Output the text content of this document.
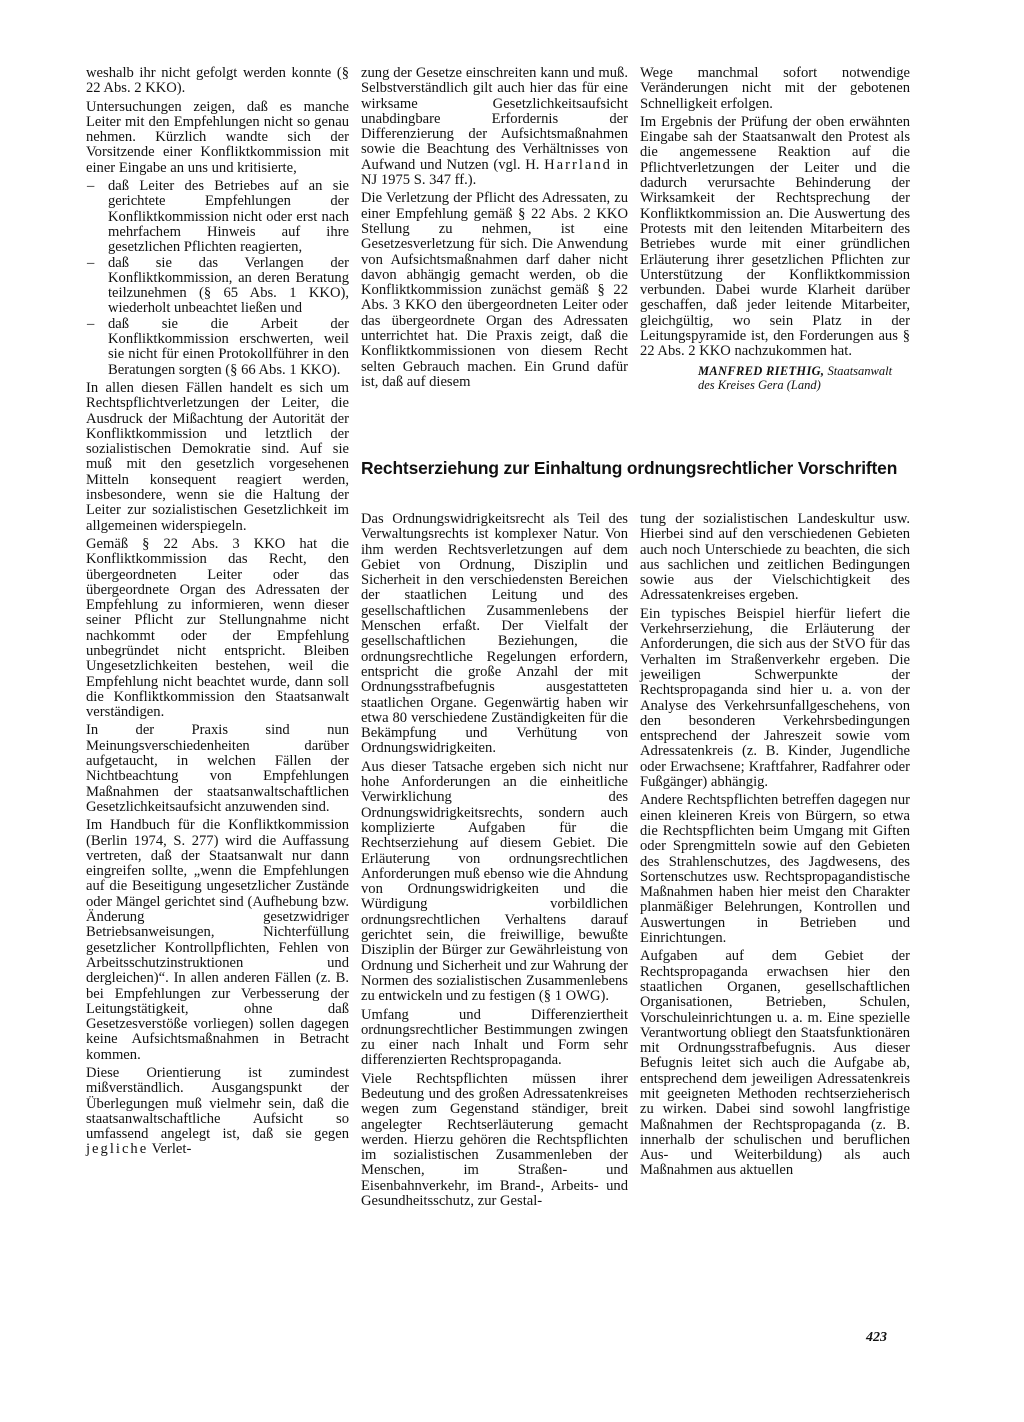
weshalb ihr nicht gefolgt werden konnte (§ 22 Abs. 2 KKO).

Untersuchungen zeigen, daß es manche Leiter mit den Empfehlungen nicht so genau nehmen. Kürzlich wandte sich der Vorsitzende einer Konfliktkommission mit einer Eingabe an uns und kritisierte,

– daß Leiter des Betriebes auf an sie gerichtete Empfehlungen der Konfliktkommission nicht oder erst nach mehrfachem Hinweis auf ihre gesetzlichen Pflichten reagierten,
– daß sie das Verlangen der Konfliktkommission, an deren Beratung teilzunehmen (§ 65 Abs. 1 KKO), wiederholt unbeachtet ließen und
– daß sie die Arbeit der Konfliktkommission erschwerten, weil sie nicht für einen Protokollführer in den Beratungen sorgten (§ 66 Abs. 1 KKO).

In allen diesen Fällen handelt es sich um Rechtspflichtverletzungen der Leiter, die Ausdruck der Mißachtung der Autorität der Konfliktkommission und letztlich der sozialistischen Demokratie sind. Auf sie muß mit den gesetzlich vorgesehenen Mitteln konsequent reagiert werden, insbesondere, wenn sie die Haltung der Leiter zur sozialistischen Gesetzlichkeit im allgemeinen widerspiegeln.

Gemäß § 22 Abs. 3 KKO hat die Konfliktkommission das Recht, den übergeordneten Leiter oder das übergeordnete Organ des Adressaten der Empfehlung zu informieren, wenn dieser seiner Pflicht zur Stellungnahme nicht nachkommt oder der Empfehlung unbegründet nicht entspricht. Bleiben Ungesetzlichkeiten bestehen, weil die Empfehlung nicht beachtet wurde, dann soll die Konfliktkommission den Staatsanwalt verständigen.

In der Praxis sind nun Meinungsverschiedenheiten darüber aufgetaucht, in welchen Fällen der Nichtbeachtung von Empfehlungen Maßnahmen der staatsanwaltschaftlichen Gesetzlichkeitsaufsicht anzuwenden sind.

Im Handbuch für die Konfliktkommission (Berlin 1974, S. 277) wird die Auffassung vertreten, daß der Staatsanwalt nur dann eingreifen sollte, „wenn die Empfehlungen auf die Beseitigung ungesetzlicher Zustände oder Mängel gerichtet sind (Aufhebung bzw. Änderung gesetzwidriger Betriebsanweisungen, Nichterfüllung gesetzlicher Kontrollpflichten, Fehlen von Arbeitsschutzinstruktionen und dergleichen)“. In allen anderen Fällen (z. B. bei Empfehlungen zur Verbesserung der Leitungstätigkeit, ohne daß Gesetzesverstöße vorliegen) sollen dagegen keine Aufsichtsmaßnahmen in Betracht kommen.

Diese Orientierung ist zumindest mißverständlich. Ausgangspunkt der Überlegungen muß vielmehr sein, daß die staatsanwaltschaftliche Aufsicht so umfassend angelegt ist, daß sie gegen jegliche Verlet-

zung der Gesetze einschreiten kann und muß. Selbstverständlich gilt auch hier das für eine wirksame Gesetzlichkeitsaufsicht unabdingbare Erfordernis der Differenzierung der Aufsichtsmaßnahmen sowie die Beachtung des Verhältnisses von Aufwand und Nutzen (vgl. H. Harrland in NJ 1975 S. 347 ff.).

Die Verletzung der Pflicht des Adressaten, zu einer Empfehlung gemäß § 22 Abs. 2 KKO Stellung zu nehmen, ist eine Gesetzesverletzung für sich. Die Anwendung von Aufsichtsmaßnahmen darf daher nicht davon abhängig gemacht werden, ob die Konfliktkommission zunächst gemäß § 22 Abs. 3 KKO den übergeordneten Leiter oder das übergeordnete Organ des Adressaten unterrichtet hat. Die Praxis zeigt, daß die Konfliktkommissionen von diesem Recht selten Gebrauch machen. Ein Grund dafür ist, daß auf diesem

Wege manchmal sofort notwendige Veränderungen nicht mit der gebotenen Schnelligkeit erfolgen.

Im Ergebnis der Prüfung der oben erwähnten Eingabe sah der Staatsanwalt den Protest als die angemessene Reaktion auf die Pflichtverletzungen der Leiter und die dadurch verursachte Behinderung der Wirksamkeit der Rechtsprechung der Konfliktkommission an. Die Auswertung des Protests mit den leitenden Mitarbeitern des Betriebes wurde mit einer gründlichen Erläuterung ihrer gesetzlichen Pflichten zur Unterstützung der Konfliktkommission verbunden. Dabei wurde Klarheit darüber geschaffen, daß jeder leitende Mitarbeiter, gleichgültig, wo sein Platz in der Leitungspyramide ist, den Forderungen aus § 22 Abs. 2 KKO nachzukommen hat.

MANFRED RIETHIG, Staatsanwalt
des Kreises Gera (Land)
Rechtserziehung zur Einhaltung ordnungsrechtlicher Vorschriften

Das Ordnungswidrigkeitsrecht als Teil des Verwaltungsrechts ist komplexer Natur. Von ihm werden Rechtsverletzungen auf dem Gebiet von Ordnung, Disziplin und Sicherheit in den verschiedensten Bereichen der staatlichen Leitung und des gesellschaftlichen Zusammenlebens der Menschen erfaßt. Der Vielfalt der gesellschaftlichen Beziehungen, die ordnungsrechtliche Regelungen erfordern, entspricht die große Anzahl der mit Ordnungsstrafbefugnis ausgestatteten staatlichen Organe. Gegenwärtig haben wir etwa 80 verschiedene Zuständigkeiten für die Bekämpfung und Verhütung von Ordnungswidrigkeiten.

Aus dieser Tatsache ergeben sich nicht nur hohe Anforderungen an die einheitliche Verwirklichung des Ordnungswidrigkeitsrechts, sondern auch komplizierte Aufgaben für die Rechtserziehung auf diesem Gebiet. Die Erläuterung von ordnungsrechtlichen Anforderungen muß ebenso wie die Ahndung von Ordnungswidrigkeiten und die Würdigung vorbildlichen ordnungsrechtlichen Verhaltens darauf gerichtet sein, die freiwillige, bewußte Disziplin der Bürger zur Gewährleistung von Ordnung und Sicherheit und zur Wahrung der Normen des sozialistischen Zusammenlebens zu entwickeln und zu festigen (§ 1 OWG).

Umfang und Differenziertheit ordnungsrechtlicher Bestimmungen zwingen zu einer nach Inhalt und Form sehr differenzierten Rechtspropaganda.

Viele Rechtspflichten müssen ihrer Bedeutung und des großen Adressatenkreises wegen zum Gegenstand ständiger, breit angelegter Rechtserläuterung gemacht werden. Hierzu gehören die Rechtspflichten im sozialistischen Zusammenleben der Menschen, im Straßen- und Eisenbahnverkehr, im Brand-, Arbeits- und Gesundheitsschutz, zur Gestal-

tung der sozialistischen Landeskultur usw. Hierbei sind auf den verschiedenen Gebieten auch noch Unterschiede zu beachten, die sich aus sachlichen und zeitlichen Bedingungen sowie aus der Vielschichtigkeit des Adressatenkreises ergeben.

Ein typisches Beispiel hierfür liefert die Verkehrserziehung, die Erläuterung der Anforderungen, die sich aus der StVO für das Verhalten im Straßenverkehr ergeben. Die jeweiligen Schwerpunkte der Rechtspropaganda sind hier u. a. von der Analyse des Verkehrsunfallgeschehens, von den besonderen Verkehrsbedingungen entsprechend der Jahreszeit sowie vom Adressatenkreis (z. B. Kinder, Jugendliche oder Erwachsene; Kraftfahrer, Radfahrer oder Fußgänger) abhängig.

Andere Rechtspflichten betreffen dagegen nur einen kleineren Kreis von Bürgern, so etwa die Rechtspflichten beim Umgang mit Giften oder Sprengmitteln sowie auf den Gebieten des Strahlenschutzes, des Jagdwesens, des Sortenschutzes usw. Rechtspropagandistische Maßnahmen haben hier meist den Charakter planmäßiger Belehrungen, Kontrollen und Auswertungen in Betrieben und Einrichtungen.

Aufgaben auf dem Gebiet der Rechtspropaganda erwachsen hier den staatlichen Organen, gesellschaftlichen Organisationen, Betrieben, Schulen, Vorschuleinrichtungen u. a. m. Eine spezielle Verantwortung obliegt den Staatsfunktionären mit Ordnungsstrafbefugnis. Aus dieser Befugnis leitet sich auch die Aufgabe ab, entsprechend dem jeweiligen Adressatenkreis mit geeigneten Methoden rechtserzieherisch zu wirken. Dabei sind sowohl langfristige Maßnahmen der Rechtspropaganda (z. B. innerhalb der schulischen und beruflichen Aus- und Weiterbildung) als auch Maßnahmen aus aktuellen

423
